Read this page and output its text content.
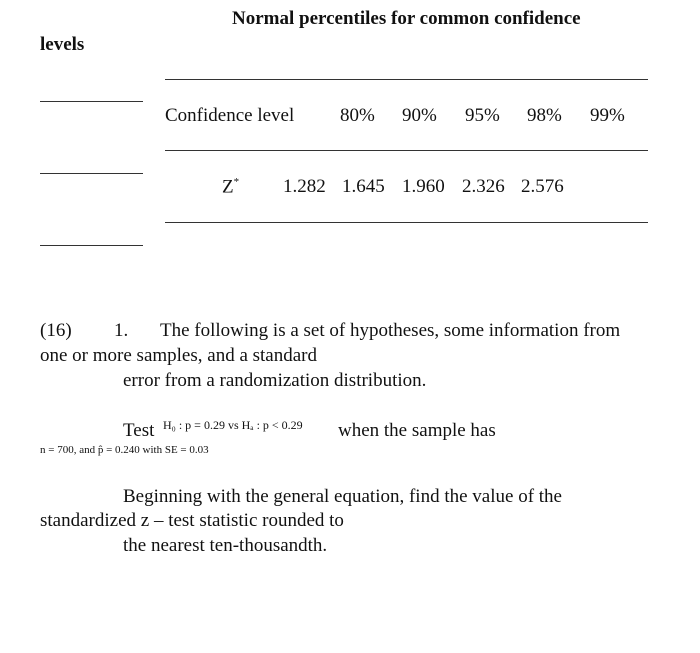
Normal percentiles for common confidence
levels
Confidence level 80% 90% 95% 98% 99%
Z* 1.282 1.645 1.960 2.326 2.576
(16) 1. The following is a set of hypotheses, some information from
one or more samples, and a standard
error from a randomization distribution.
Test H₀ : p = 0.29 vs Hₐ : p < 0.29 when the sample has
n = 700, and p̂ = 0.240 with SE = 0.03
Beginning with the general equation, find the value of the
standardized z – test statistic rounded to
the nearest ten-thousandth.
